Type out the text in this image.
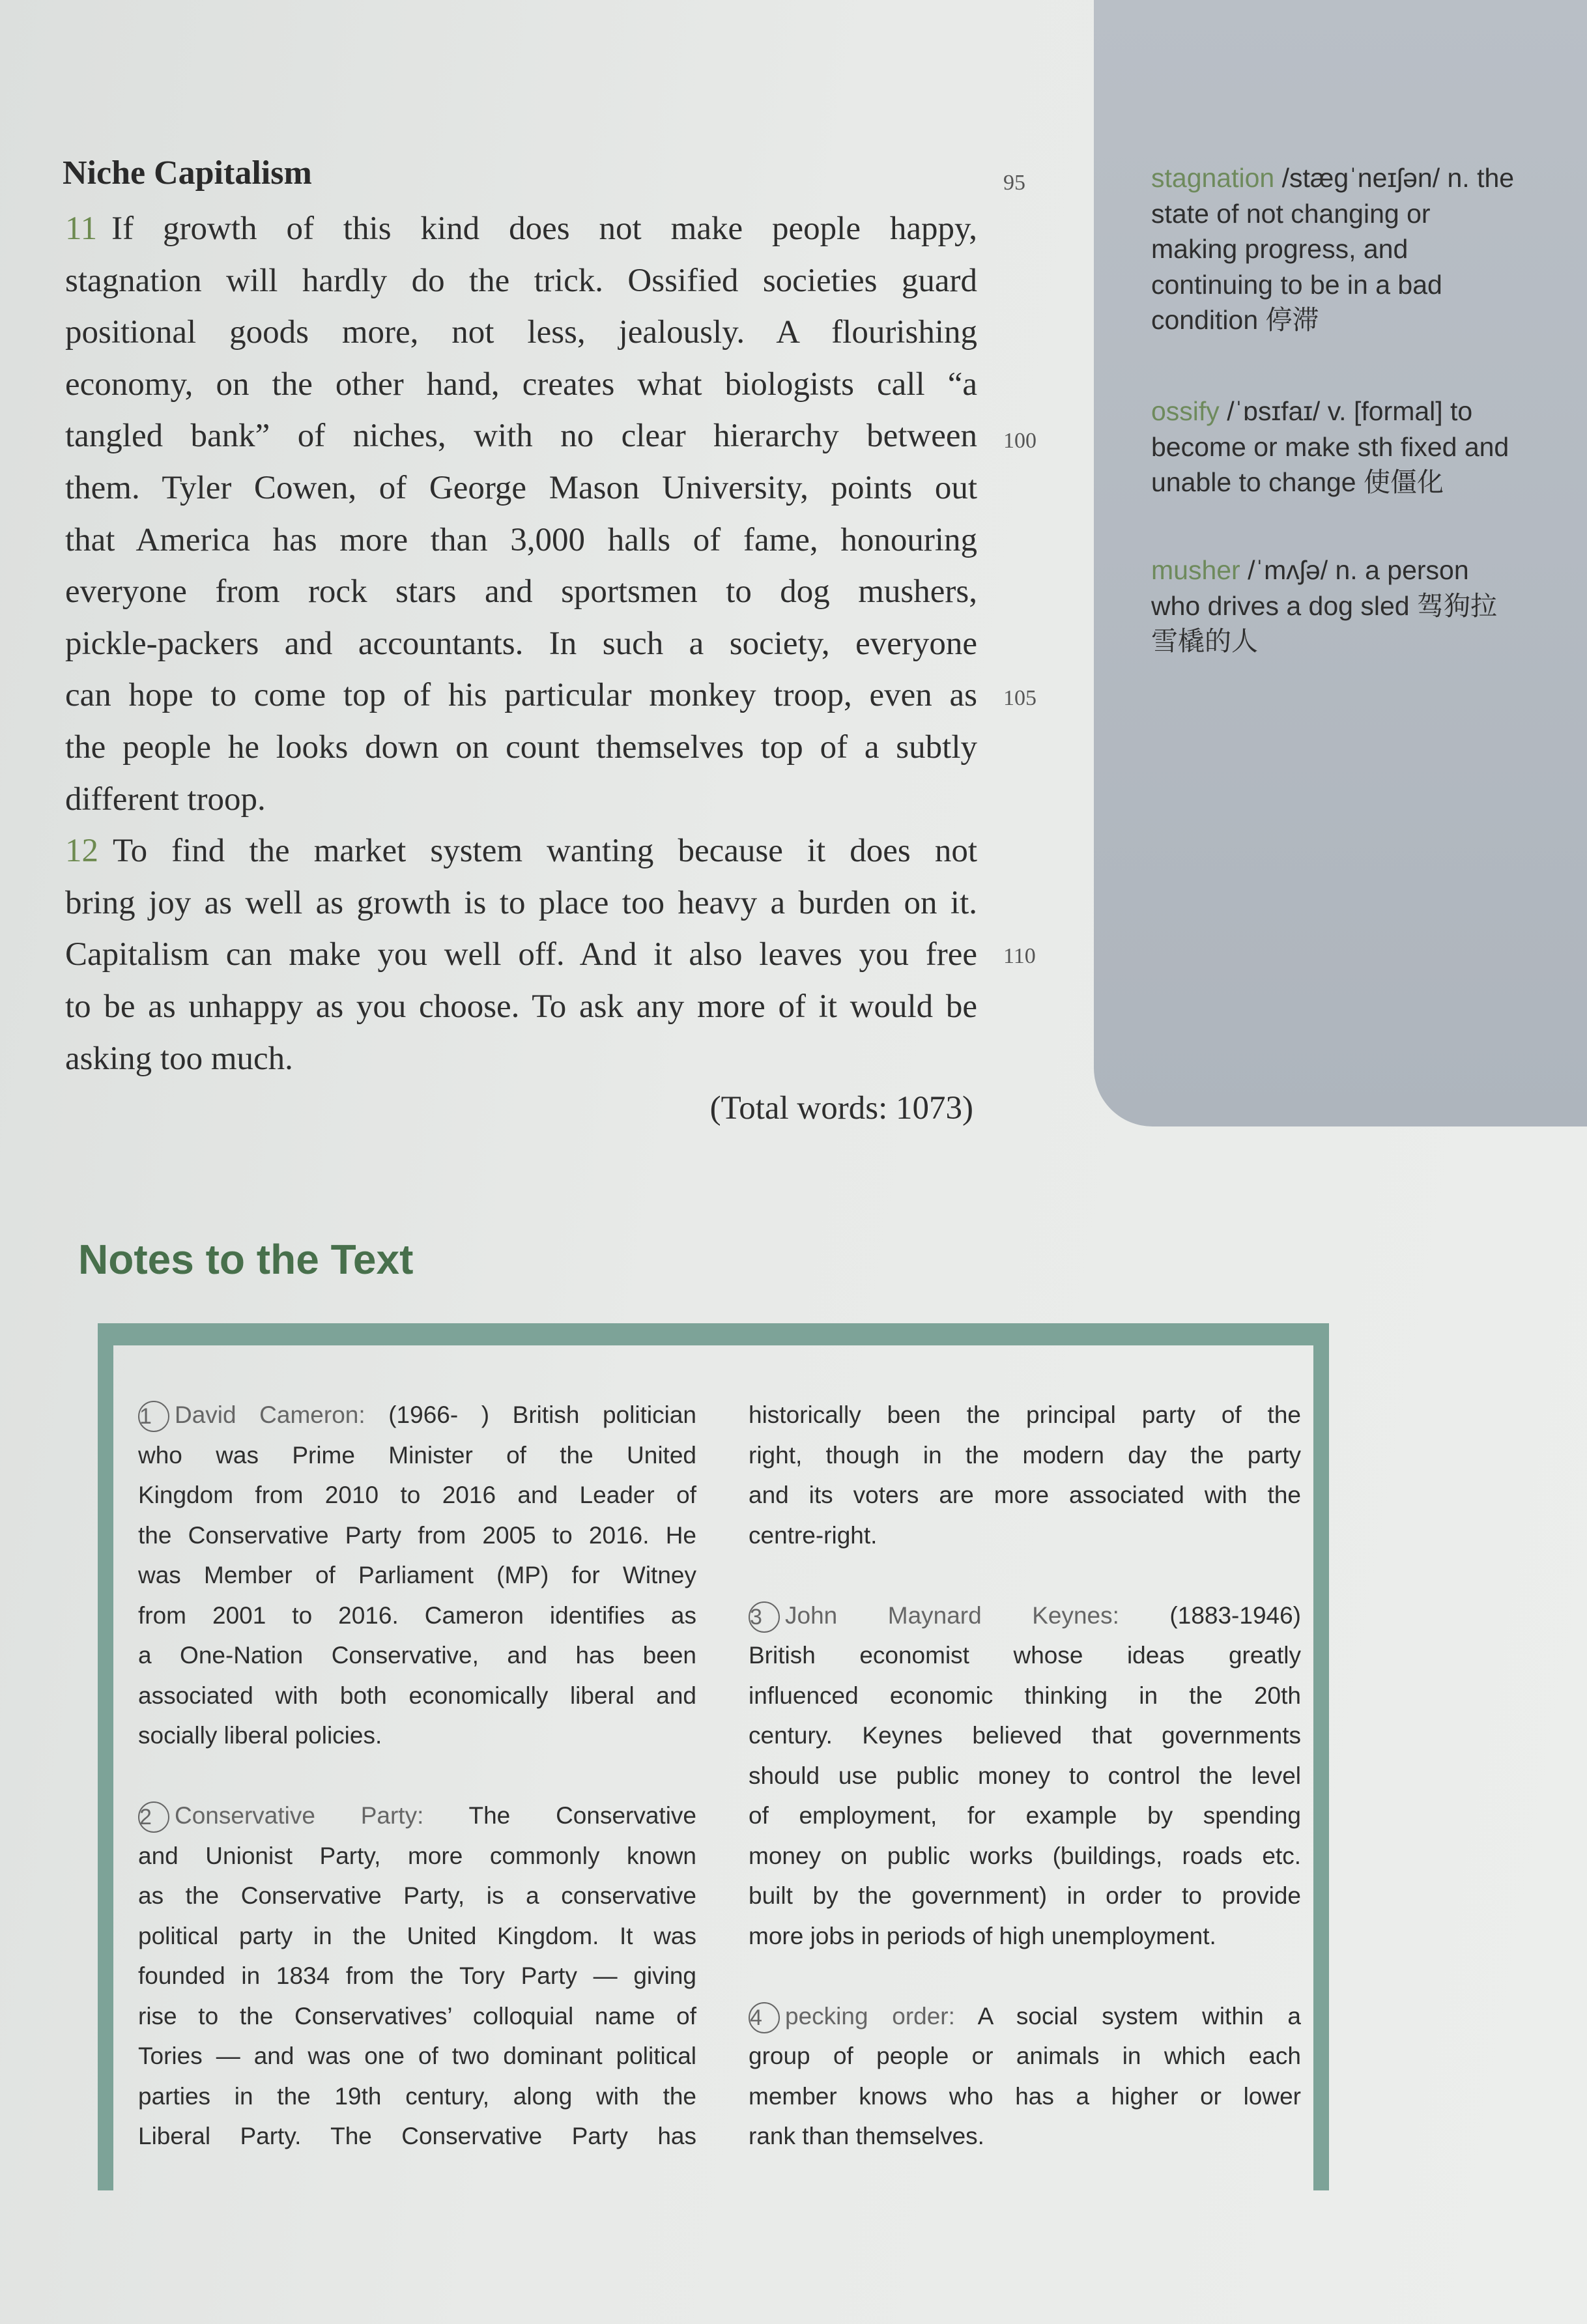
Niche Capitalism
11 If growth of this kind does not make people happy,
stagnation will hardly do the trick. Ossified societies guard
positional goods more, not less, jealously. A flourishing
economy, on the other hand, creates what biologists call “a
tangled bank” of niches, with no clear hierarchy between
them. Tyler Cowen, of George Mason University, points out
that America has more than 3,000 halls of fame, honouring
everyone from rock stars and sportsmen to dog mushers,
pickle-packers and accountants. In such a society, everyone
can hope to come top of his particular monkey troop, even as
the people he looks down on count themselves top of a subtly
different troop.
12 To find the market system wanting because it does not
bring joy as well as growth is to place too heavy a burden on it.
Capitalism can make you well off. And it also leaves you free
to be as unhappy as you choose. To ask any more of it would be
asking too much.
95
100
105
110
(Total words: 1073)
stagnation /stæɡˈneɪʃən/ n. the state of not changing or making progress, and continuing to be in a bad condition 停滞
ossify /ˈɒsɪfaɪ/ v. [formal] to become or make sth fixed and unable to change 使僵化
musher /ˈmʌʃə/ n. a person who drives a dog sled 驾狗拉雪橇的人
Notes to the Text
1 David Cameron: (1966- ) British politician
who was Prime Minister of the United
Kingdom from 2010 to 2016 and Leader of
the Conservative Party from 2005 to 2016. He
was Member of Parliament (MP) for Witney
from 2001 to 2016. Cameron identifies as
a One-Nation Conservative, and has been
associated with both economically liberal and
socially liberal policies.
2 Conservative Party: The Conservative
and Unionist Party, more commonly known
as the Conservative Party, is a conservative
political party in the United Kingdom. It was
founded in 1834 from the Tory Party — giving
rise to the Conservatives’ colloquial name of
Tories — and was one of two dominant political
parties in the 19th century, along with the
Liberal Party. The Conservative Party has
historically been the principal party of the
right, though in the modern day the party
and its voters are more associated with the
centre-right.
3 John Maynard Keynes: (1883-1946)
British economist whose ideas greatly
influenced economic thinking in the 20th
century. Keynes believed that governments
should use public money to control the level
of employment, for example by spending
money on public works (buildings, roads etc.
built by the government) in order to provide
more jobs in periods of high unemployment.
4 pecking order: A social system within a
group of people or animals in which each
member knows who has a higher or lower
rank than themselves.
